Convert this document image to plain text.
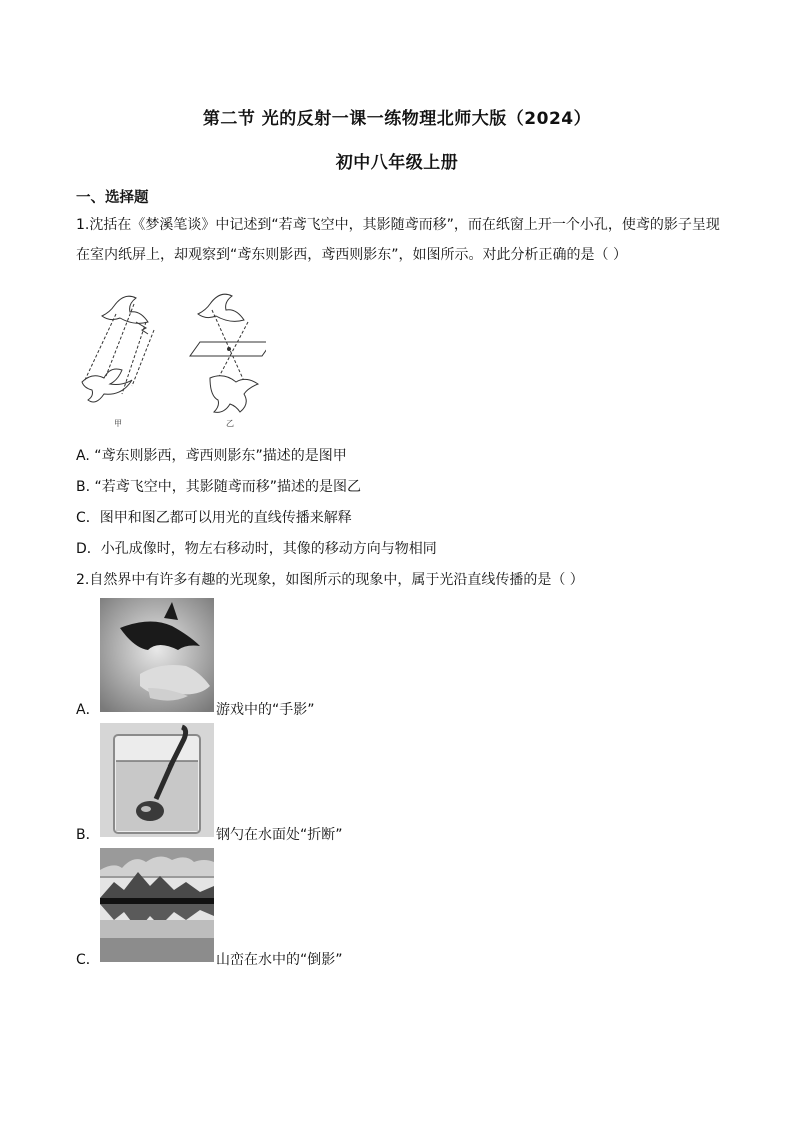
第二节 光的反射一课一练物理北师大版（2024）
初中八年级上册
一、选择题
1.沈括在《梦溪笔谈》中记述到“若鸢飞空中，其影随鸢而移”，而在纸窗上开一个小孔，使鸢的影子呈现在室内纸屏上，却观察到“鸢东则影西，鸢西则影东”，如图所示。对此分析正确的是（ ）
甲	乙
A. “鸢东则影西，鸢西则影东”描述的是图甲
B. “若鸢飞空中，其影随鸢而移”描述的是图乙
C．图甲和图乙都可以用光的直线传播来解释
D．小孔成像时，物左右移动时，其像的移动方向与物相同
2.自然界中有许多有趣的光现象，如图所示的现象中，属于光沿直线传播的是（ ）
A．	游戏中的“手影”
B．	钢勺在水面处“折断”
C．	山峦在水中的“倒影”
